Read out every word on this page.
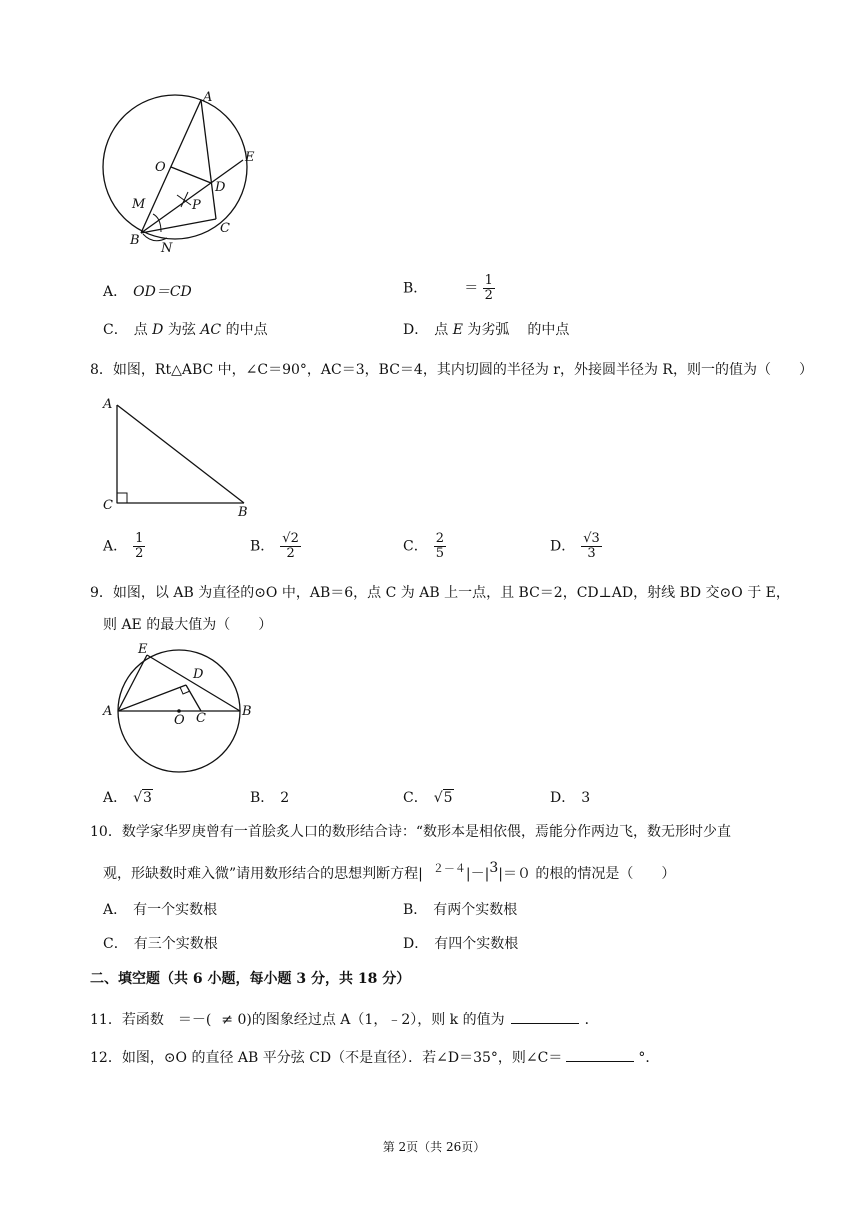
A
O
E
D
M	P
B
C
N
A． OD＝CD	B．	＝ $\frac{1}{2}$
C． 点 D 为弦 AC 的中点	D． 点 E 为劣弧 的中点
8．如图，Rt△ABC 中，∠C＝90°，AC＝3，BC＝4，其内切圆的半径为 r，外接圆半径为 R，则一的值为（　　）
A
C	B
A． $\frac{1}{2}$	B． $\frac{√2}{2}$	C． $\frac{2}{5}$	D． $\frac{√3}{3}$
9．如图，以 AB 为直径的⊙O 中，AB＝6，点 C 为 AB 上一点，且 BC＝2，CD⊥AD，射线 BD 交⊙O 于 E，
则 AE 的最大值为（　　）
E
D
A
O C	B
A． √3	B． 2	C． √5	D． 3
10．数学家华罗庚曾有一首脍炙人口的数形结合诗：“数形本是相依偎，焉能分作两边飞，数无形时少直
观，形缺数时难入微”请用数形结合的思想判断方程| $^{2-4}$|－|3|＝０ 的根的情况是（　　）
A． 有一个实数根	B． 有两个实数根
C． 有三个实数根	D． 有四个实数根
二、填空题（共 6 小题，每小题 3 分，共 18 分）
11．若函数 ＝－( ≠ 0)的图象经过点 A（1，﹣2），则 k 的值为	．
12．如图，⊙O 的直径 AB 平分弦 CD（不是直径）．若∠D＝35°，则∠C＝	°．
第 2页（共 26页）
